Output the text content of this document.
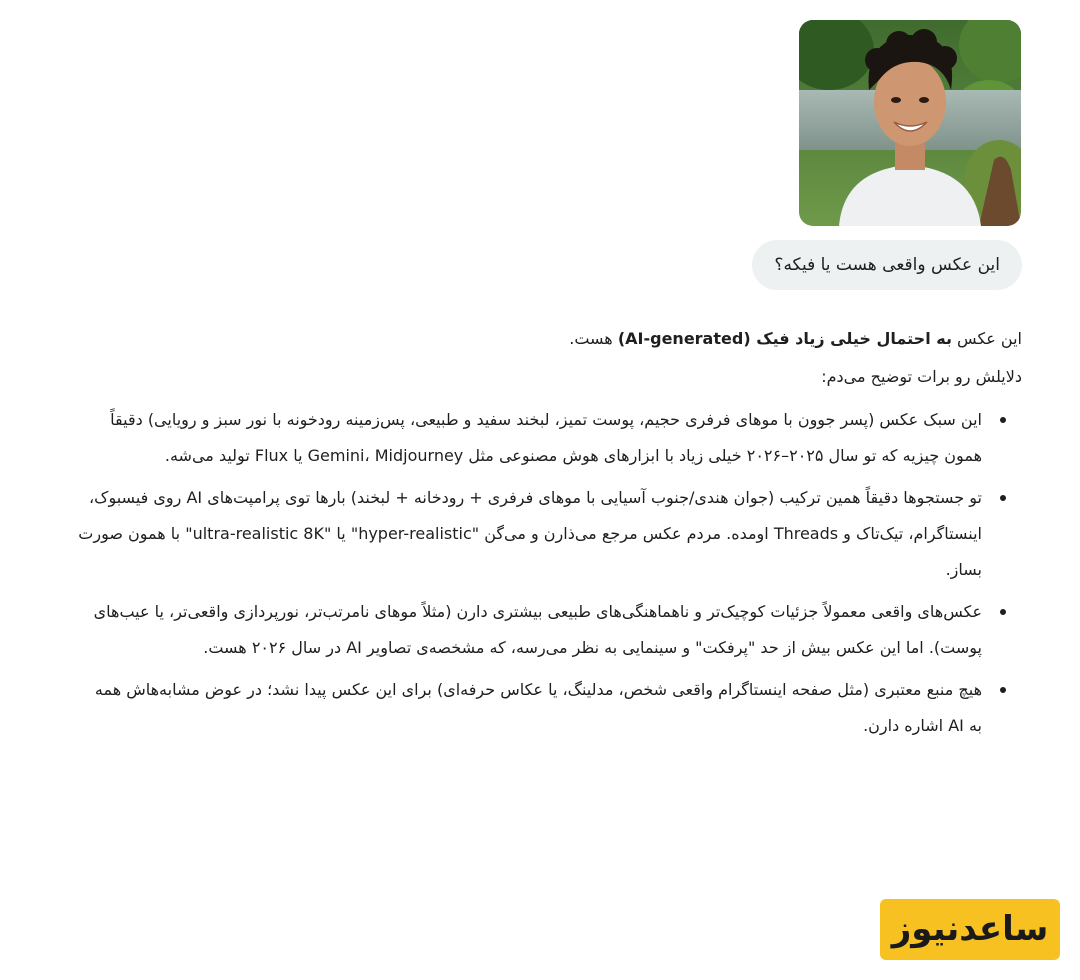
این عکس واقعی هست یا فیکه؟

این عکس به احتمال خیلی زیاد فیک (AI-generated) هست.

دلایلش رو برات توضیح می‌دم:

این سبک عکس (پسر جوون با موهای فرفری حجیم، پوست تمیز، لبخند سفید و طبیعی، پس‌زمینه رودخونه با نور سبز و رویایی) دقیقاً همون چیزیه که تو سال ۲۰۲۵–۲۰۲۶ خیلی زیاد با ابزارهای هوش مصنوعی مثل Gemini، Midjourney یا Flux تولید می‌شه.
تو جستجوها دقیقاً همین ترکیب (جوان هندی/جنوب آسیایی با موهای فرفری + رودخانه + لبخند) بارها توی پرامپت‌های AI روی فیسبوک، اینستاگرام، تیک‌تاک و Threads اومده. مردم عکس مرجع می‌ذارن و می‌گن "hyper-realistic" یا "ultra-realistic 8K" با همون صورت بساز.
عکس‌های واقعی معمولاً جزئیات کوچیک‌تر و ناهماهنگی‌های طبیعی بیشتری دارن (مثلاً موهای نامرتب‌تر، نورپردازی واقعی‌تر، یا عیب‌های پوست). اما این عکس بیش از حد "پرفکت" و سینمایی به نظر می‌رسه، که مشخصه‌ی تصاویر AI در سال ۲۰۲۶ هست.
هیچ منبع معتبری (مثل صفحه اینستاگرام واقعی شخص، مدلینگ، یا عکاس حرفه‌ای) برای این عکس پیدا نشد؛ در عوض مشابه‌هاش همه به AI اشاره دارن.
ساعدنیوز
